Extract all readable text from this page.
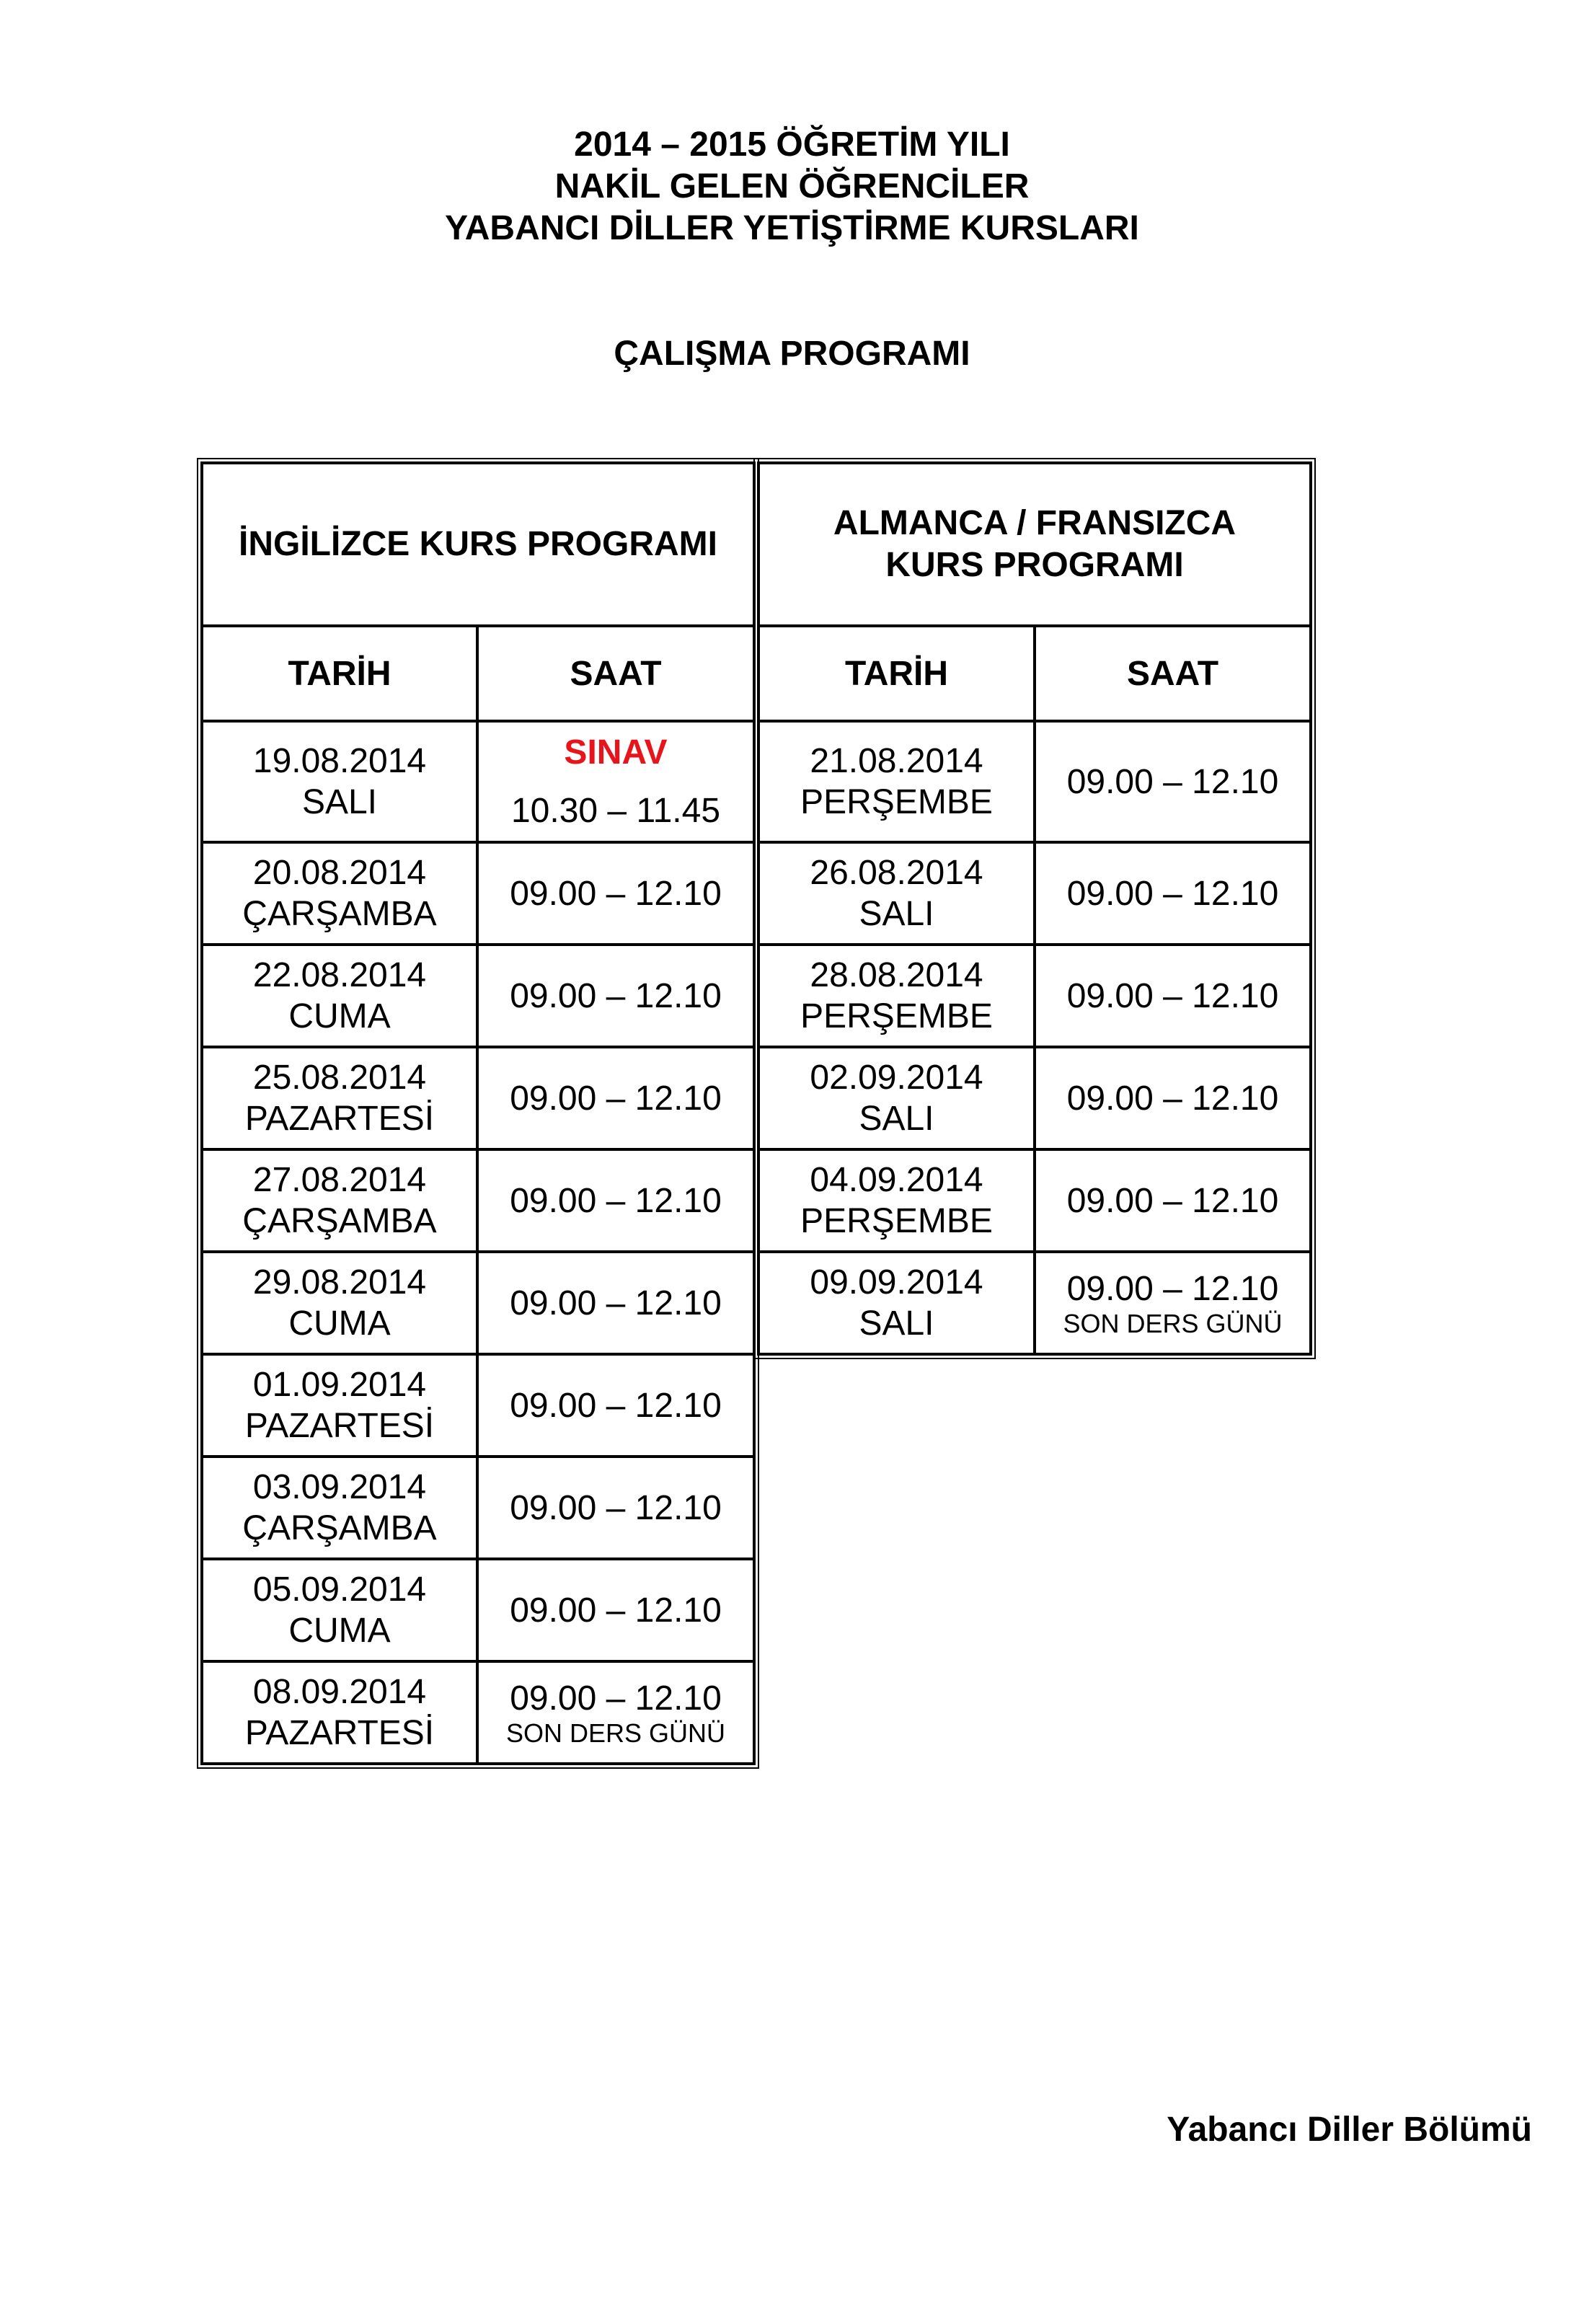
2014 – 2015 ÖĞRETİM YILI
NAKİL GELEN ÖĞRENCİLER
YABANCI DİLLER YETİŞTİRME KURSLARI
ÇALIŞMA PROGRAMI
İNGİLİZCE KURS PROGRAMI	
TARİH	SAAT

19.08.2014
SALI	SINAV
10.30 – 11.45

20.08.2014
ÇARŞAMBA	09.00 – 12.10

22.08.2014
CUMA	09.00 – 12.10

25.08.2014
PAZARTESİ	09.00 – 12.10

27.08.2014
ÇARŞAMBA	09.00 – 12.10

29.08.2014
CUMA	09.00 – 12.10

01.09.2014
PAZARTESİ	09.00 – 12.10

03.09.2014
ÇARŞAMBA	09.00 – 12.10

05.09.2014
CUMA	09.00 – 12.10

08.09.2014
PAZARTESİ	09.00 – 12.10
SON DERS GÜNÜ
ALMANCA / FRANSIZCA
KURS PROGRAMI	

TARİH	SAAT

21.08.2014
PERŞEMBE	09.00 – 12.10

26.08.2014
SALI	09.00 – 12.10

28.08.2014
PERŞEMBE	09.00 – 12.10

02.09.2014
SALI	09.00 – 12.10

04.09.2014
PERŞEMBE	09.00 – 12.10

09.09.2014
SALI	09.00 – 12.10
SON DERS GÜNÜ
Yabancı Diller Bölümü
